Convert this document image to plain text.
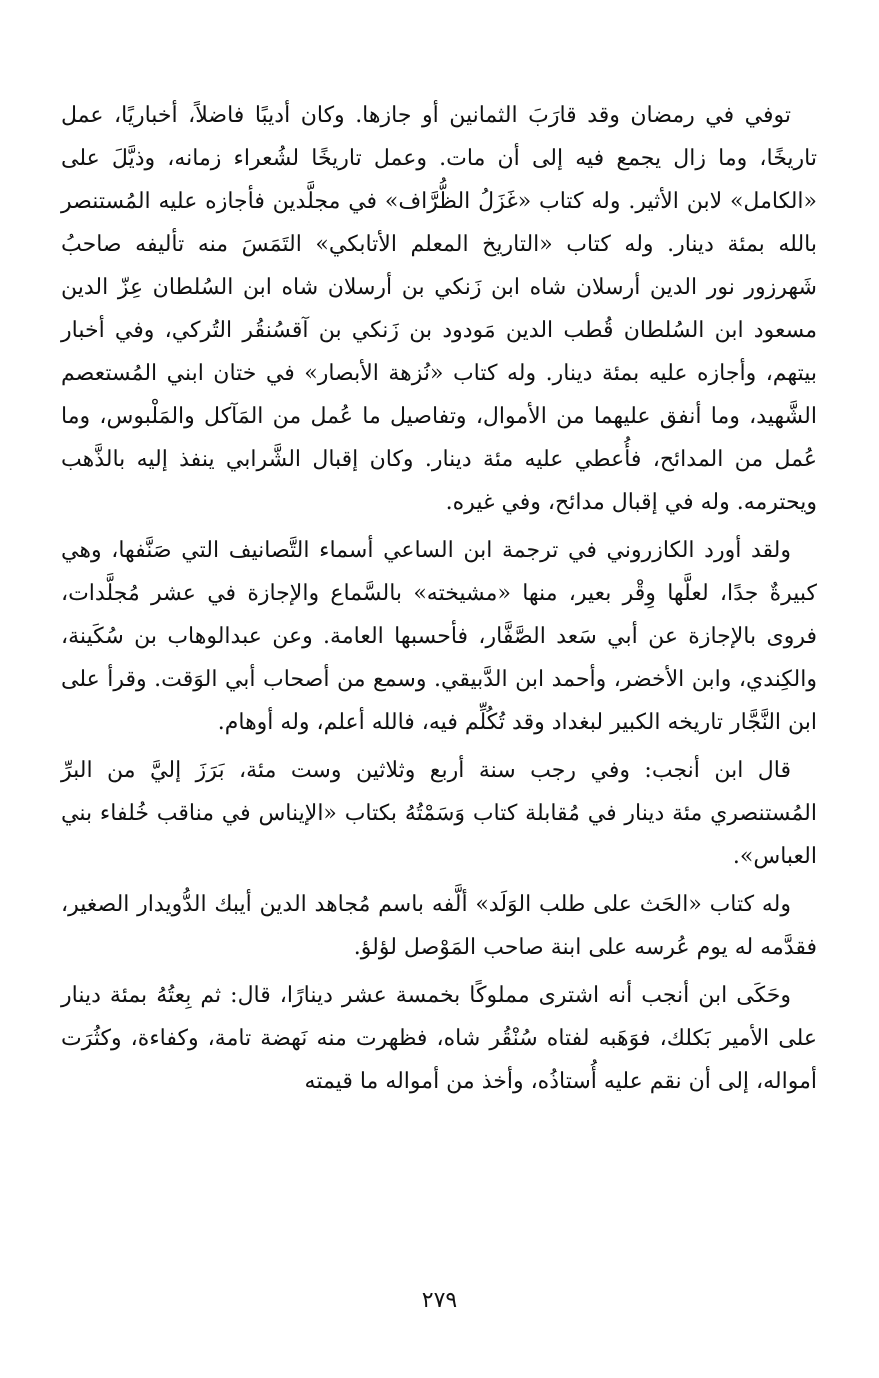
توفي في رمضان وقد قارَبَ الثمانين أو جازها. وكان أديبًا فاضلاً، أخباريًا، عمل تاريخًا، وما زال يجمع فيه إلى أن مات. وعمل تاريخًا لشُعراء زمانه، وذيَّلَ على «الكامل» لابن الأثير. وله كتاب «غَزَلُ الظُّرَّاف» في مجلَّدين فأجازه عليه المُستنصر بالله بمئة دينار. وله كتاب «التاريخ المعلم الأتابكي» التَمَسَ منه تأليفه صاحبُ شَهرزور نور الدين أرسلان شاه ابن زَنكي بن أرسلان شاه ابن السُلطان عِزّ الدين مسعود ابن السُلطان قُطب الدين مَودود بن زَنكي بن آقسُنقُر التُركي، وفي أخبار بيتهم، وأجازه عليه بمئة دينار. وله كتاب «نُزهة الأبصار» في ختان ابني المُستعصم الشَّهيد، وما أنفق عليهما من الأموال، وتفاصيل ما عُمل من المَآكل والمَلْبوس، وما عُمل من المدائح، فأُعطي عليه مئة دينار. وكان إقبال الشَّرابي ينفذ إليه بالذَّهب ويحترمه. وله في إقبال مدائح، وفي غيره.

ولقد أورد الكازروني في ترجمة ابن الساعي أسماء التَّصانيف التي صَنَّفها، وهي كبيرةٌ جدًا، لعلَّها وِقْر بعير، منها «مشيخته» بالسَّماع والإجازة في عشر مُجلَّدات، فروى بالإجازة عن أبي سَعد الصَّفَّار، فأحسبها العامة. وعن عبدالوهاب بن سُكَينة، والكِندي، وابن الأخضر، وأحمد ابن الدَّبيقي. وسمع من أصحاب أبي الوَقت. وقرأ على ابن النَّجَّار تاريخه الكبير لبغداد وقد تُكُلِّم فيه، فالله أعلم، وله أوهام.

قال ابن أنجب: وفي رجب سنة أربع وثلاثين وست مئة، بَرَزَ إليَّ من البرِّ المُستنصري مئة دينار في مُقابلة كتاب وَسَمْتُهُ بكتاب «الإيناس في مناقب خُلفاء بني العباس».

وله كتاب «الحَث على طلب الوَلَد» ألَّفه باسم مُجاهد الدين أيبك الدُّويدار الصغير، فقدَّمه له يوم عُرسه على ابنة صاحب المَوْصل لؤلؤ.

وحَكَى ابن أنجب أنه اشترى مملوكًا بخمسة عشر دينارًا، قال: ثم بِعتُهُ بمئة دينار على الأمير بَكلك، فوَهَبه لفتاه سُنْقُر شاه، فظهرت منه نَهضة تامة، وكفاءة، وكثُرَت أمواله، إلى أن نقم عليه أُستاذُه، وأخذ من أمواله ما قيمته

٢٧٩
